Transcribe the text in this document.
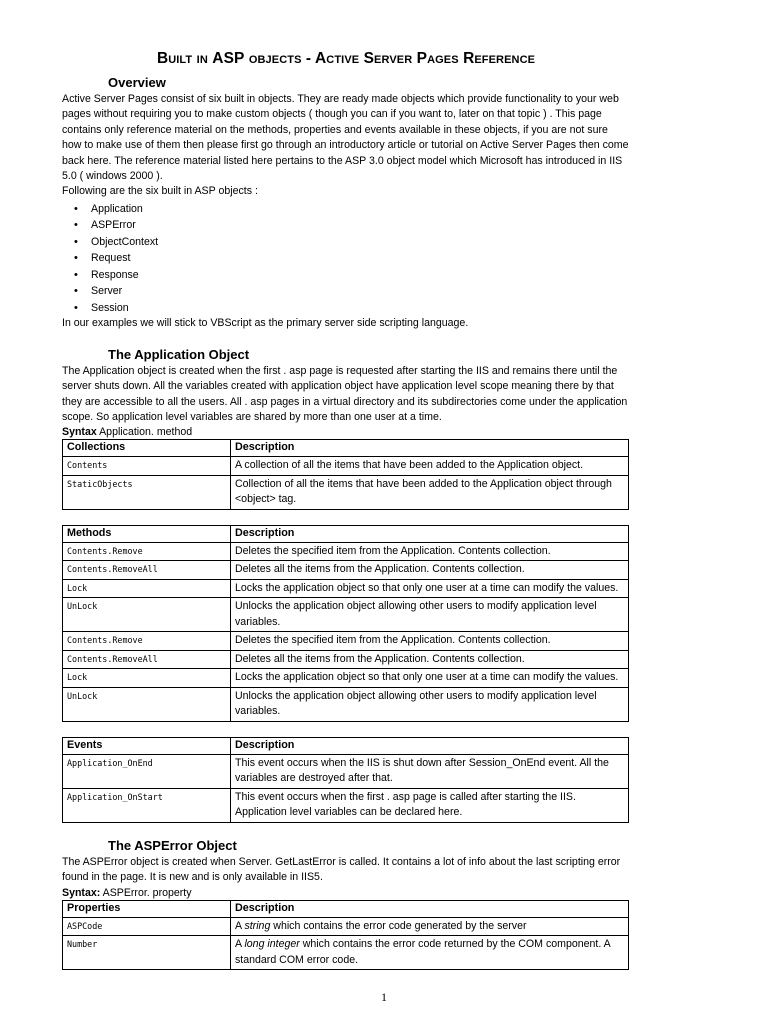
Built in ASP objects - Active Server Pages Reference
Overview

Active Server Pages consist of six built in objects. They are ready made objects which provide functionality to your web pages without requiring you to make custom objects ( though you can if you want to, later on that topic ) . This page contains only reference material on the methods, properties and events available in these objects, if you are not sure how to make use of them then please first go through an introductory article or tutorial on Active Server Pages then come back here. The reference material listed here pertains to the ASP 3.0 object model which Microsoft has introduced in IIS 5.0 ( windows 2000 ).

Following are the six built in ASP objects :

• Application
• ASPError
• ObjectContext
• Request
• Response
• Server
• Session

In our examples we will stick to VBScript as the primary server side scripting language.

The Application Object

The Application object is created when the first . asp page is requested after starting the IIS and remains there until the server shuts down. All the variables created with application object have application level scope meaning there by that they are accessible to all the users. All . asp pages in a virtual directory and its subdirectories come under the application scope. So application level variables are shared by more than one user at a time.

Syntax Application. method
Collections	Description
Contents	A collection of all the items that have been added to the Application object.
StaticObjects	Collection of all the items that have been added to the Application object through <object> tag.
Methods	Description
Contents.Remove	Deletes the specified item from the Application. Contents collection.
Contents.RemoveAll	Deletes all the items from the Application. Contents collection.
Lock	Locks the application object so that only one user at a time can modify the values.
UnLock	Unlocks the application object allowing other users to modify application level variables.
Contents.Remove	Deletes the specified item from the Application. Contents collection.
Contents.RemoveAll	Deletes all the items from the Application. Contents collection.
Lock	Locks the application object so that only one user at a time can modify the values.
UnLock	Unlocks the application object allowing other users to modify application level variables.
Events	Description
Application_OnEnd	This event occurs when the IIS is shut down after Session_OnEnd event. All the variables are destroyed after that.
Application_OnStart	This event occurs when the first . asp page is called after starting the IIS. Application level variables can be declared here.
The ASPError Object

The ASPError object is created when Server. GetLastError is called. It contains a lot of info about the last scripting error found in the page. It is new and is only available in IIS5.

Syntax: ASPError. property
Properties	Description
ASPCode	A string which contains the error code generated by the server
Number	A long integer which contains the error code returned by the COM component. A standard COM error code.
1
